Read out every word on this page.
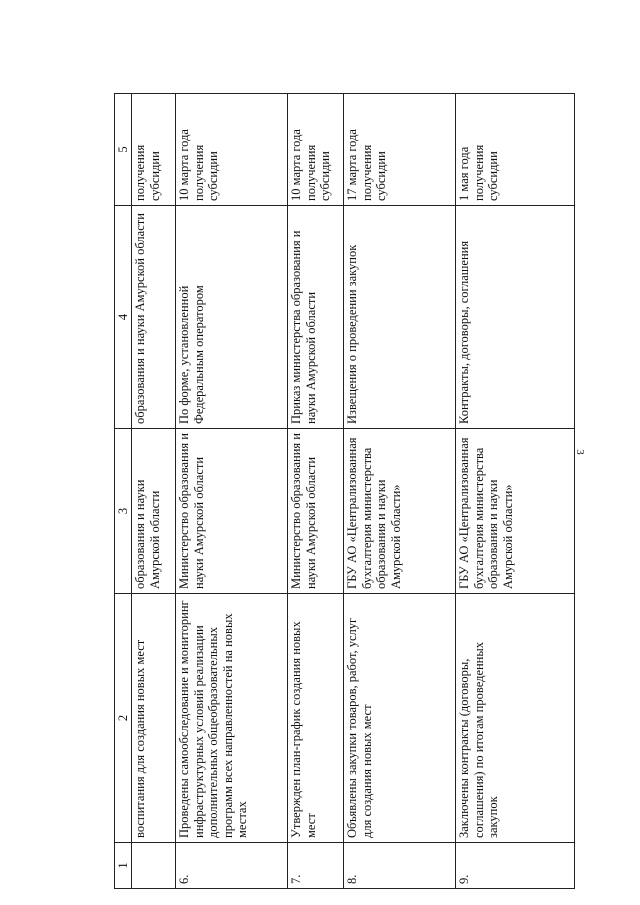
3
1	2	3	4	5
	воспитания для создания новых мест	образования и науки Амурской области	образования и науки Амурской области	получения субсидии
6.	Проведены самообследование и мониторинг инфраструктурных условий реализации дополнительных общеобразовательных программ всех направленностей на новых местах	Министерство образования и науки Амурской области	По форме, установленной Федеральным оператором	10 марта года получения субсидии
7.	Утвержден план-график создания новых мест	Министерство образования и науки Амурской области	Приказ министерства образования и науки Амурской области	10 марта года получения субсидии
8.	Объявлены закупки товаров, работ, услуг для создания новых мест	ГБУ АО «Централизованная бухгалтерия министерства образования и науки Амурской области»	Извещения о проведении закупок	17 марта года получения субсидии
9.	Заключены контракты (договоры, соглашения) по итогам проведенных закупок	ГБУ АО «Централизованная бухгалтерия министерства образования и науки Амурской области»	Контракты, договоры, соглашения	1 мая года получения субсидии
